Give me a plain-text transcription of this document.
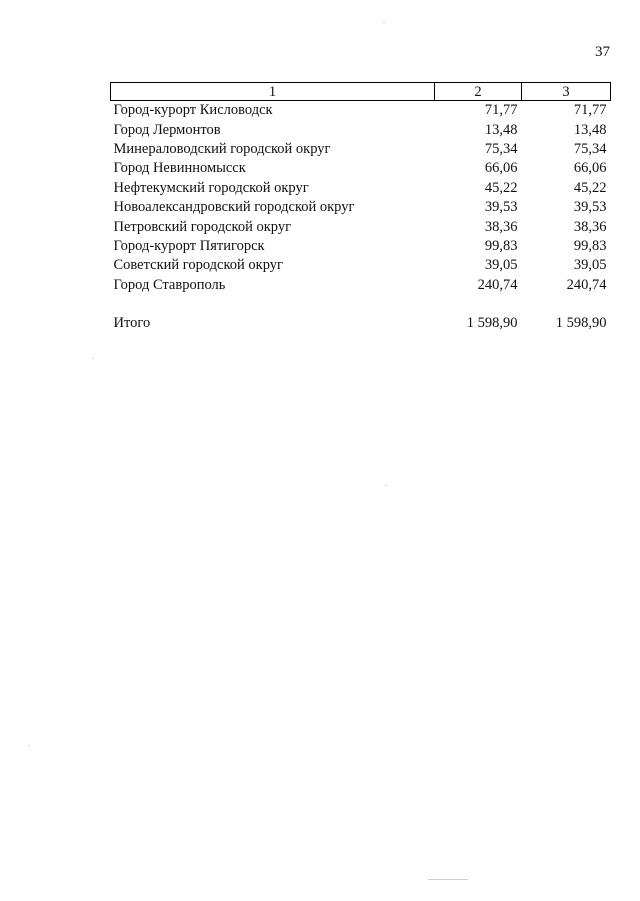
37
1	2	3
Город-курорт Кисловодск	71,77	71,77
Город Лермонтов	13,48	13,48
Минераловодский городской округ	75,34	75,34
Город Невинномысск	66,06	66,06
Нефтекумский городской округ	45,22	45,22
Новоалександровский городской округ	39,53	39,53
Петровский городской округ	38,36	38,36
Город-курорт Пятигорск	99,83	99,83
Советский городской округ	39,05	39,05
Город Ставрополь	240,74	240,74

Итого	1 598,90	1 598,90
